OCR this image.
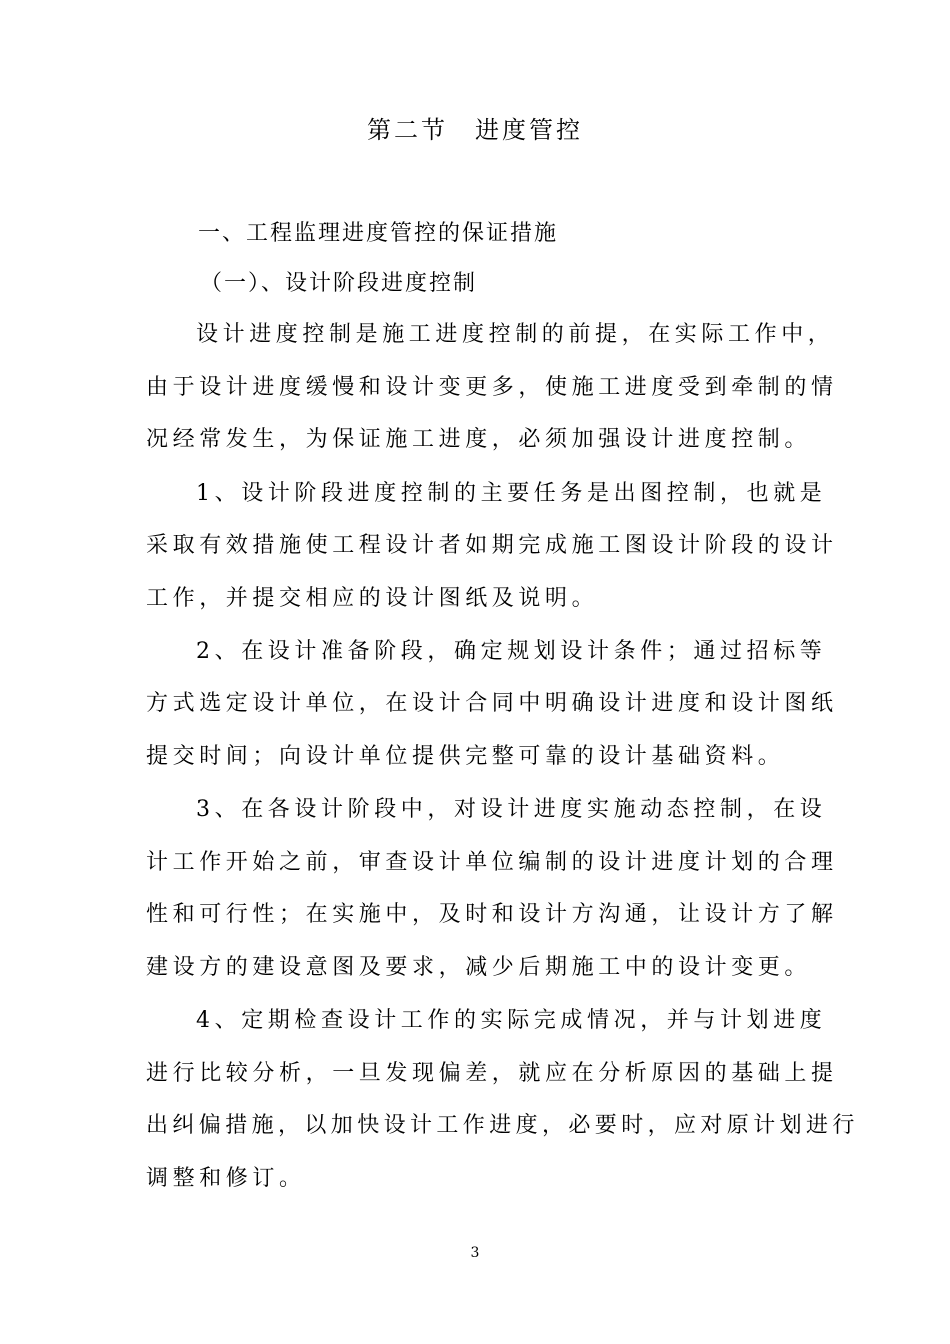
第二节　进度管控
一、工程监理进度管控的保证措施
（一）、设计阶段进度控制
设计进度控制是施工进度控制的前提，在实际工作中，
由于设计进度缓慢和设计变更多，使施工进度受到牵制的情
况经常发生，为保证施工进度，必须加强设计进度控制。
1、设计阶段进度控制的主要任务是出图控制，也就是
采取有效措施使工程设计者如期完成施工图设计阶段的设计
工作，并提交相应的设计图纸及说明。
2、在设计准备阶段，确定规划设计条件；通过招标等
方式选定设计单位，在设计合同中明确设计进度和设计图纸
提交时间；向设计单位提供完整可靠的设计基础资料。
3、在各设计阶段中，对设计进度实施动态控制，在设
计工作开始之前，审查设计单位编制的设计进度计划的合理
性和可行性；在实施中，及时和设计方沟通，让设计方了解
建设方的建设意图及要求，减少后期施工中的设计变更。
4、定期检查设计工作的实际完成情况，并与计划进度
进行比较分析，一旦发现偏差，就应在分析原因的基础上提
出纠偏措施，以加快设计工作进度，必要时，应对原计划进行
调整和修订。
3
